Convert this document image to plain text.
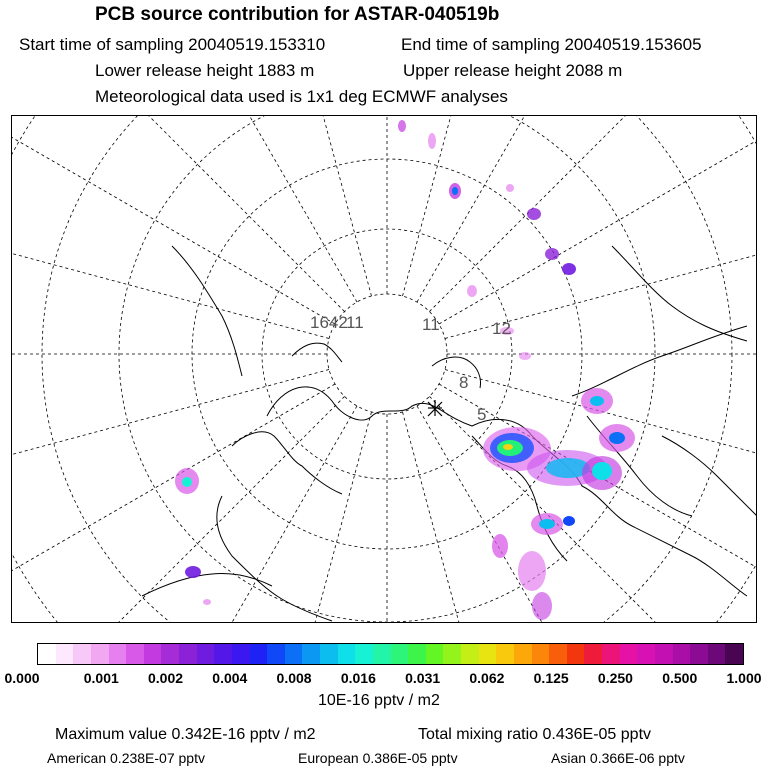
PCB source contribution for ASTAR-040519b
Start time of sampling 20040519.153310	End time of sampling 20040519.153605
Lower release height 1883 m	Upper release height 2088 m
Meteorological data used is 1x1 deg ECMWF analyses
1642
11	11	12
8
5
0.000	0.001 0.002 0.004 0.008 0.016 0.031 0.062 0.125 0.250 0.500 1.000
10E-16 pptv / m2
Maximum value 0.342E-16 pptv / m2	Total mixing ratio 0.436E-05 pptv
American 0.238E-07 pptv	European 0.386E-05 pptv	Asian 0.366E-06 pptv
